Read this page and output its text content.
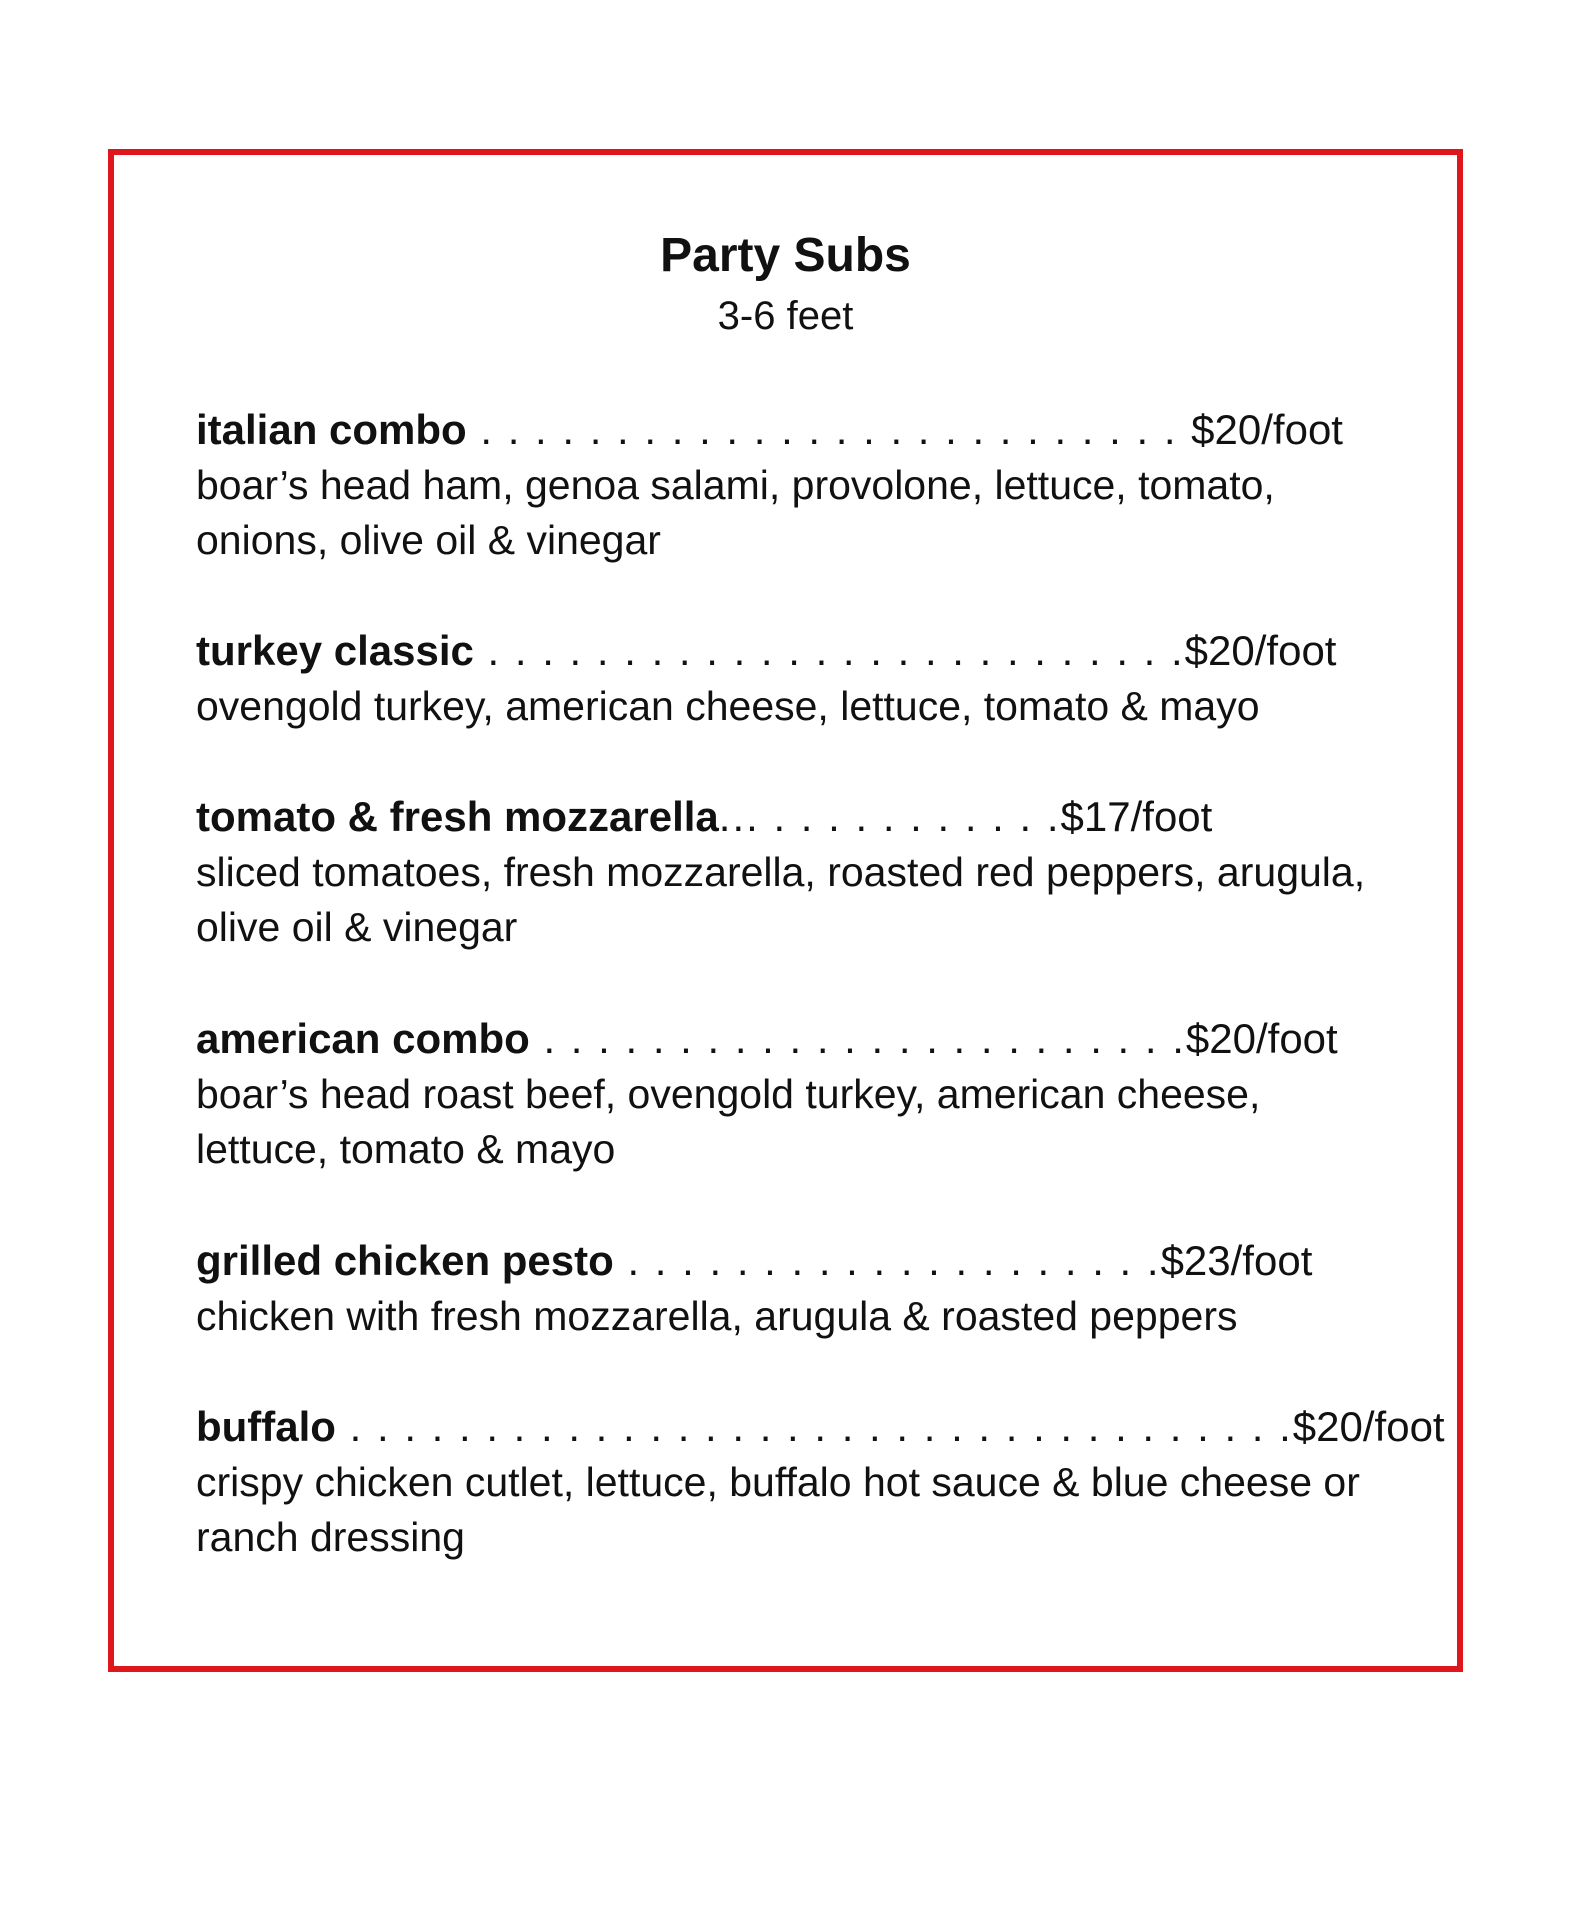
Party Subs
3-6 feet
italian combo . . . . . . . . . . . . . . . . . . . . . . . . . . $20/foot
boar’s head ham, genoa salami, provolone, lettuce, tomato, onions, olive oil & vinegar
turkey classic . . . . . . . . . . . . . . . . . . . . . . . . . .$20/foot
ovengold turkey, american cheese, lettuce, tomato & mayo
tomato & fresh mozzarella... . . . . . . . . . . .$17/foot
sliced tomatoes, fresh mozzarella, roasted red peppers, arugula, olive oil & vinegar
american combo . . . . . . . . . . . . . . . . . . . . . . . .$20/foot
boar’s head roast beef, ovengold turkey, american cheese, lettuce, tomato & mayo
grilled chicken pesto . . . . . . . . . . . . . . . . . . . .$23/foot
chicken with fresh mozzarella, arugula & roasted peppers
buffalo . . . . . . . . . . . . . . . . . . . . . . . . . . . . . . . . . . .$20/foot
crispy chicken cutlet, lettuce, buffalo hot sauce & blue cheese or ranch dressing
